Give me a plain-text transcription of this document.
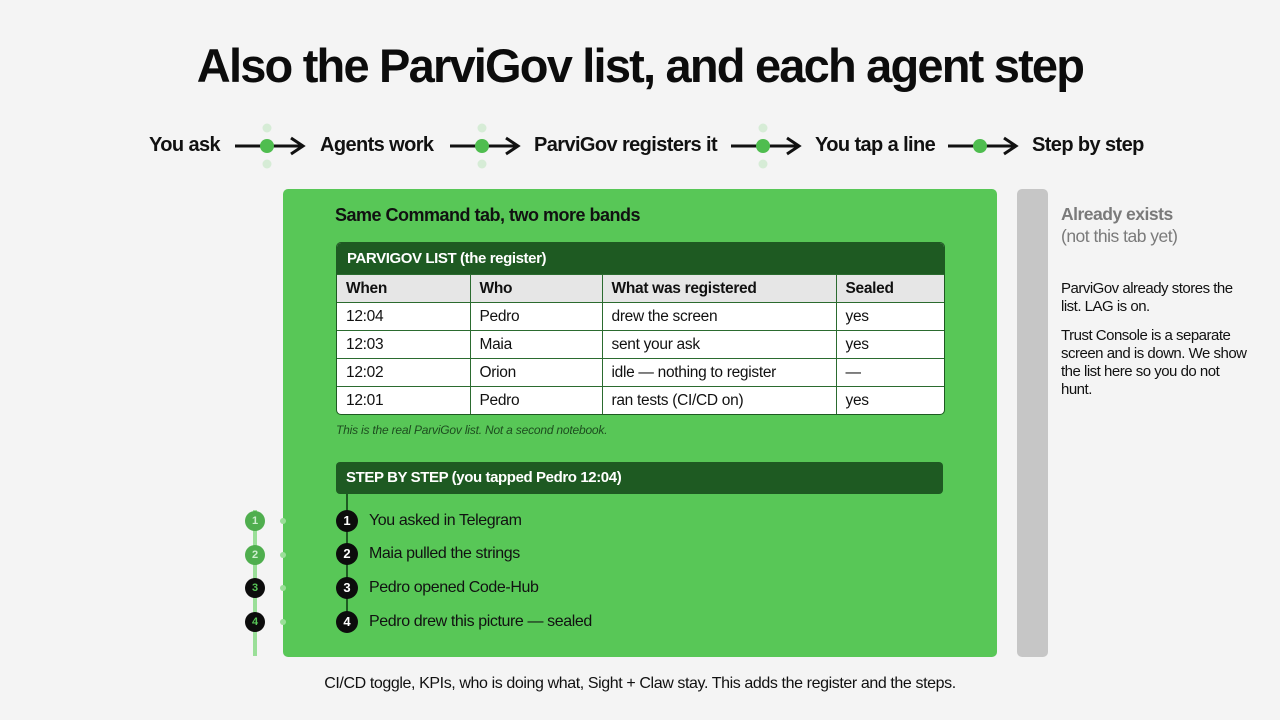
Also the ParviGov list, and each agent step
You ask	Agents work	ParviGov registers it	You tap a line	Step by step
Same Command tab, two more bands
PARVIGOV LIST (the register)
When	Who	What was registered	Sealed
12:04	Pedro	drew the screen	yes
12:03	Maia	sent your ask	yes
12:02	Orion	idle — nothing to register	—
12:01	Pedro	ran tests (CI/CD on)	yes
This is the real ParviGov list. Not a second notebook.
STEP BY STEP (you tapped Pedro 12:04)
1	You asked in Telegram
2	Maia pulled the strings
3	Pedro opened Code-Hub
4	Pedro drew this picture — sealed
1
2
3
4
Already exists
(not this tab yet)
ParviGov already stores the list. LAG is on.
Trust Console is a separate screen and is down. We show the list here so you do not hunt.
CI/CD toggle, KPIs, who is doing what, Sight + Claw stay. This adds the register and the steps.
